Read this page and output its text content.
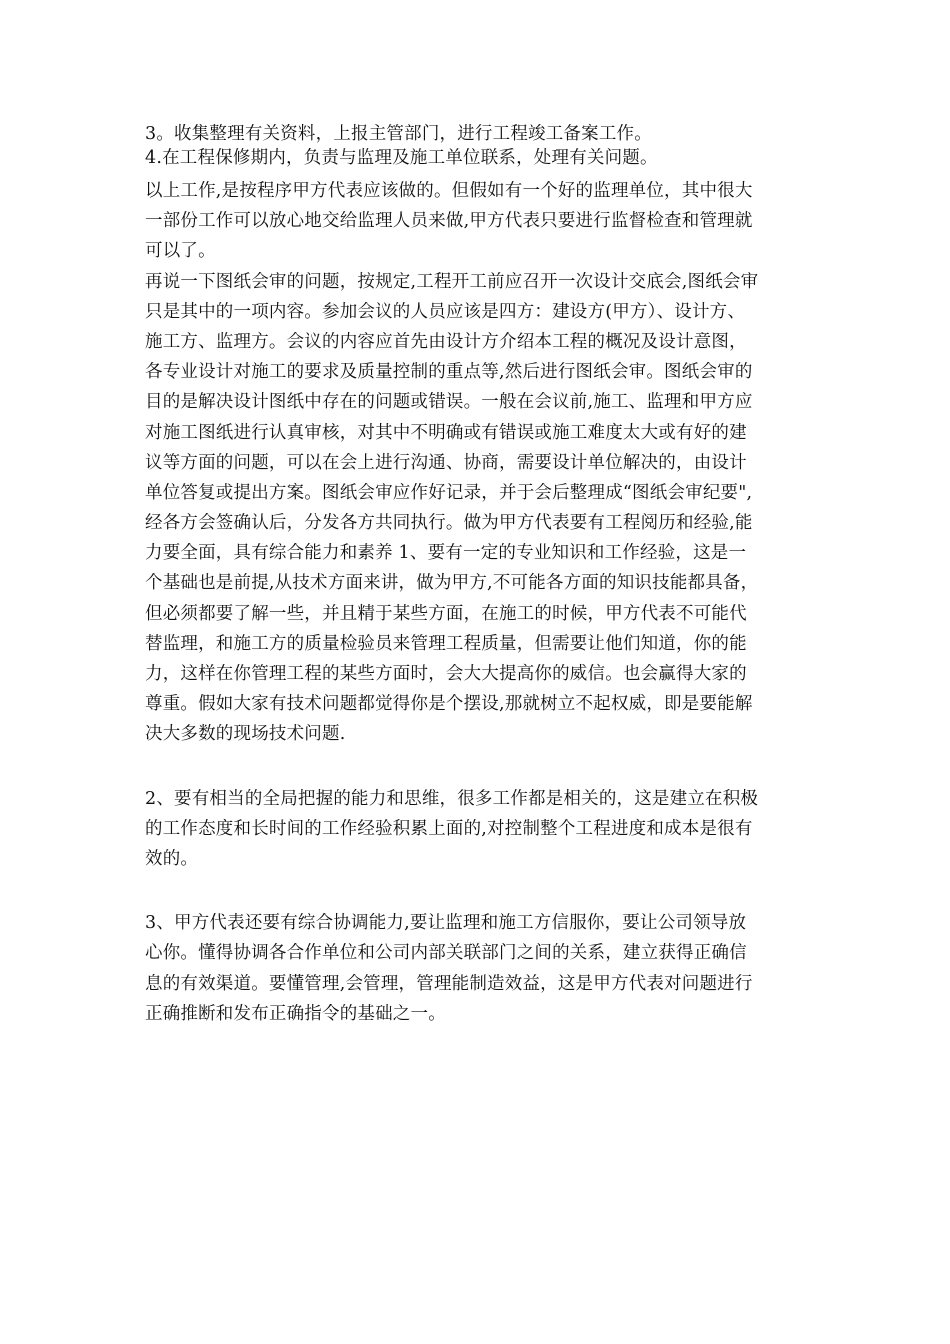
3。收集整理有关资料，上报主管部门，进行工程竣工备案工作。
4.在工程保修期内，负责与监理及施工单位联系，处理有关问题。
以上工作,是按程序甲方代表应该做的。但假如有一个好的监理单位，其中很大
一部份工作可以放心地交给监理人员来做,甲方代表只要进行监督检查和管理就
可以了。
再说一下图纸会审的问题，按规定,工程开工前应召开一次设计交底会,图纸会审
只是其中的一项内容。参加会议的人员应该是四方：建设方(甲方）、设计方、
施工方、监理方。会议的内容应首先由设计方介绍本工程的概况及设计意图，
各专业设计对施工的要求及质量控制的重点等,然后进行图纸会审。图纸会审的
目的是解决设计图纸中存在的问题或错误。一般在会议前,施工、监理和甲方应
对施工图纸进行认真审核，对其中不明确或有错误或施工难度太大或有好的建
议等方面的问题，可以在会上进行沟通、协商，需要设计单位解决的，由设计
单位答复或提出方案。图纸会审应作好记录，并于会后整理成“图纸会审纪要",
经各方会签确认后，分发各方共同执行。做为甲方代表要有工程阅历和经验,能
力要全面，具有综合能力和素养 1、要有一定的专业知识和工作经验，这是一
个基础也是前提,从技术方面来讲，做为甲方,不可能各方面的知识技能都具备，
但必须都要了解一些，并且精于某些方面，在施工的时候，甲方代表不可能代
替监理，和施工方的质量检验员来管理工程质量，但需要让他们知道，你的能
力，这样在你管理工程的某些方面时，会大大提高你的威信。也会赢得大家的
尊重。假如大家有技术问题都觉得你是个摆设,那就树立不起权威，即是要能解
决大多数的现场技术问题.
2、要有相当的全局把握的能力和思维，很多工作都是相关的，这是建立在积极
的工作态度和长时间的工作经验积累上面的,对控制整个工程进度和成本是很有
效的。
3、甲方代表还要有综合协调能力,要让监理和施工方信服你，要让公司领导放
心你。懂得协调各合作单位和公司内部关联部门之间的关系，建立获得正确信
息的有效渠道。要懂管理,会管理，管理能制造效益，这是甲方代表对问题进行
正确推断和发布正确指令的基础之一。
